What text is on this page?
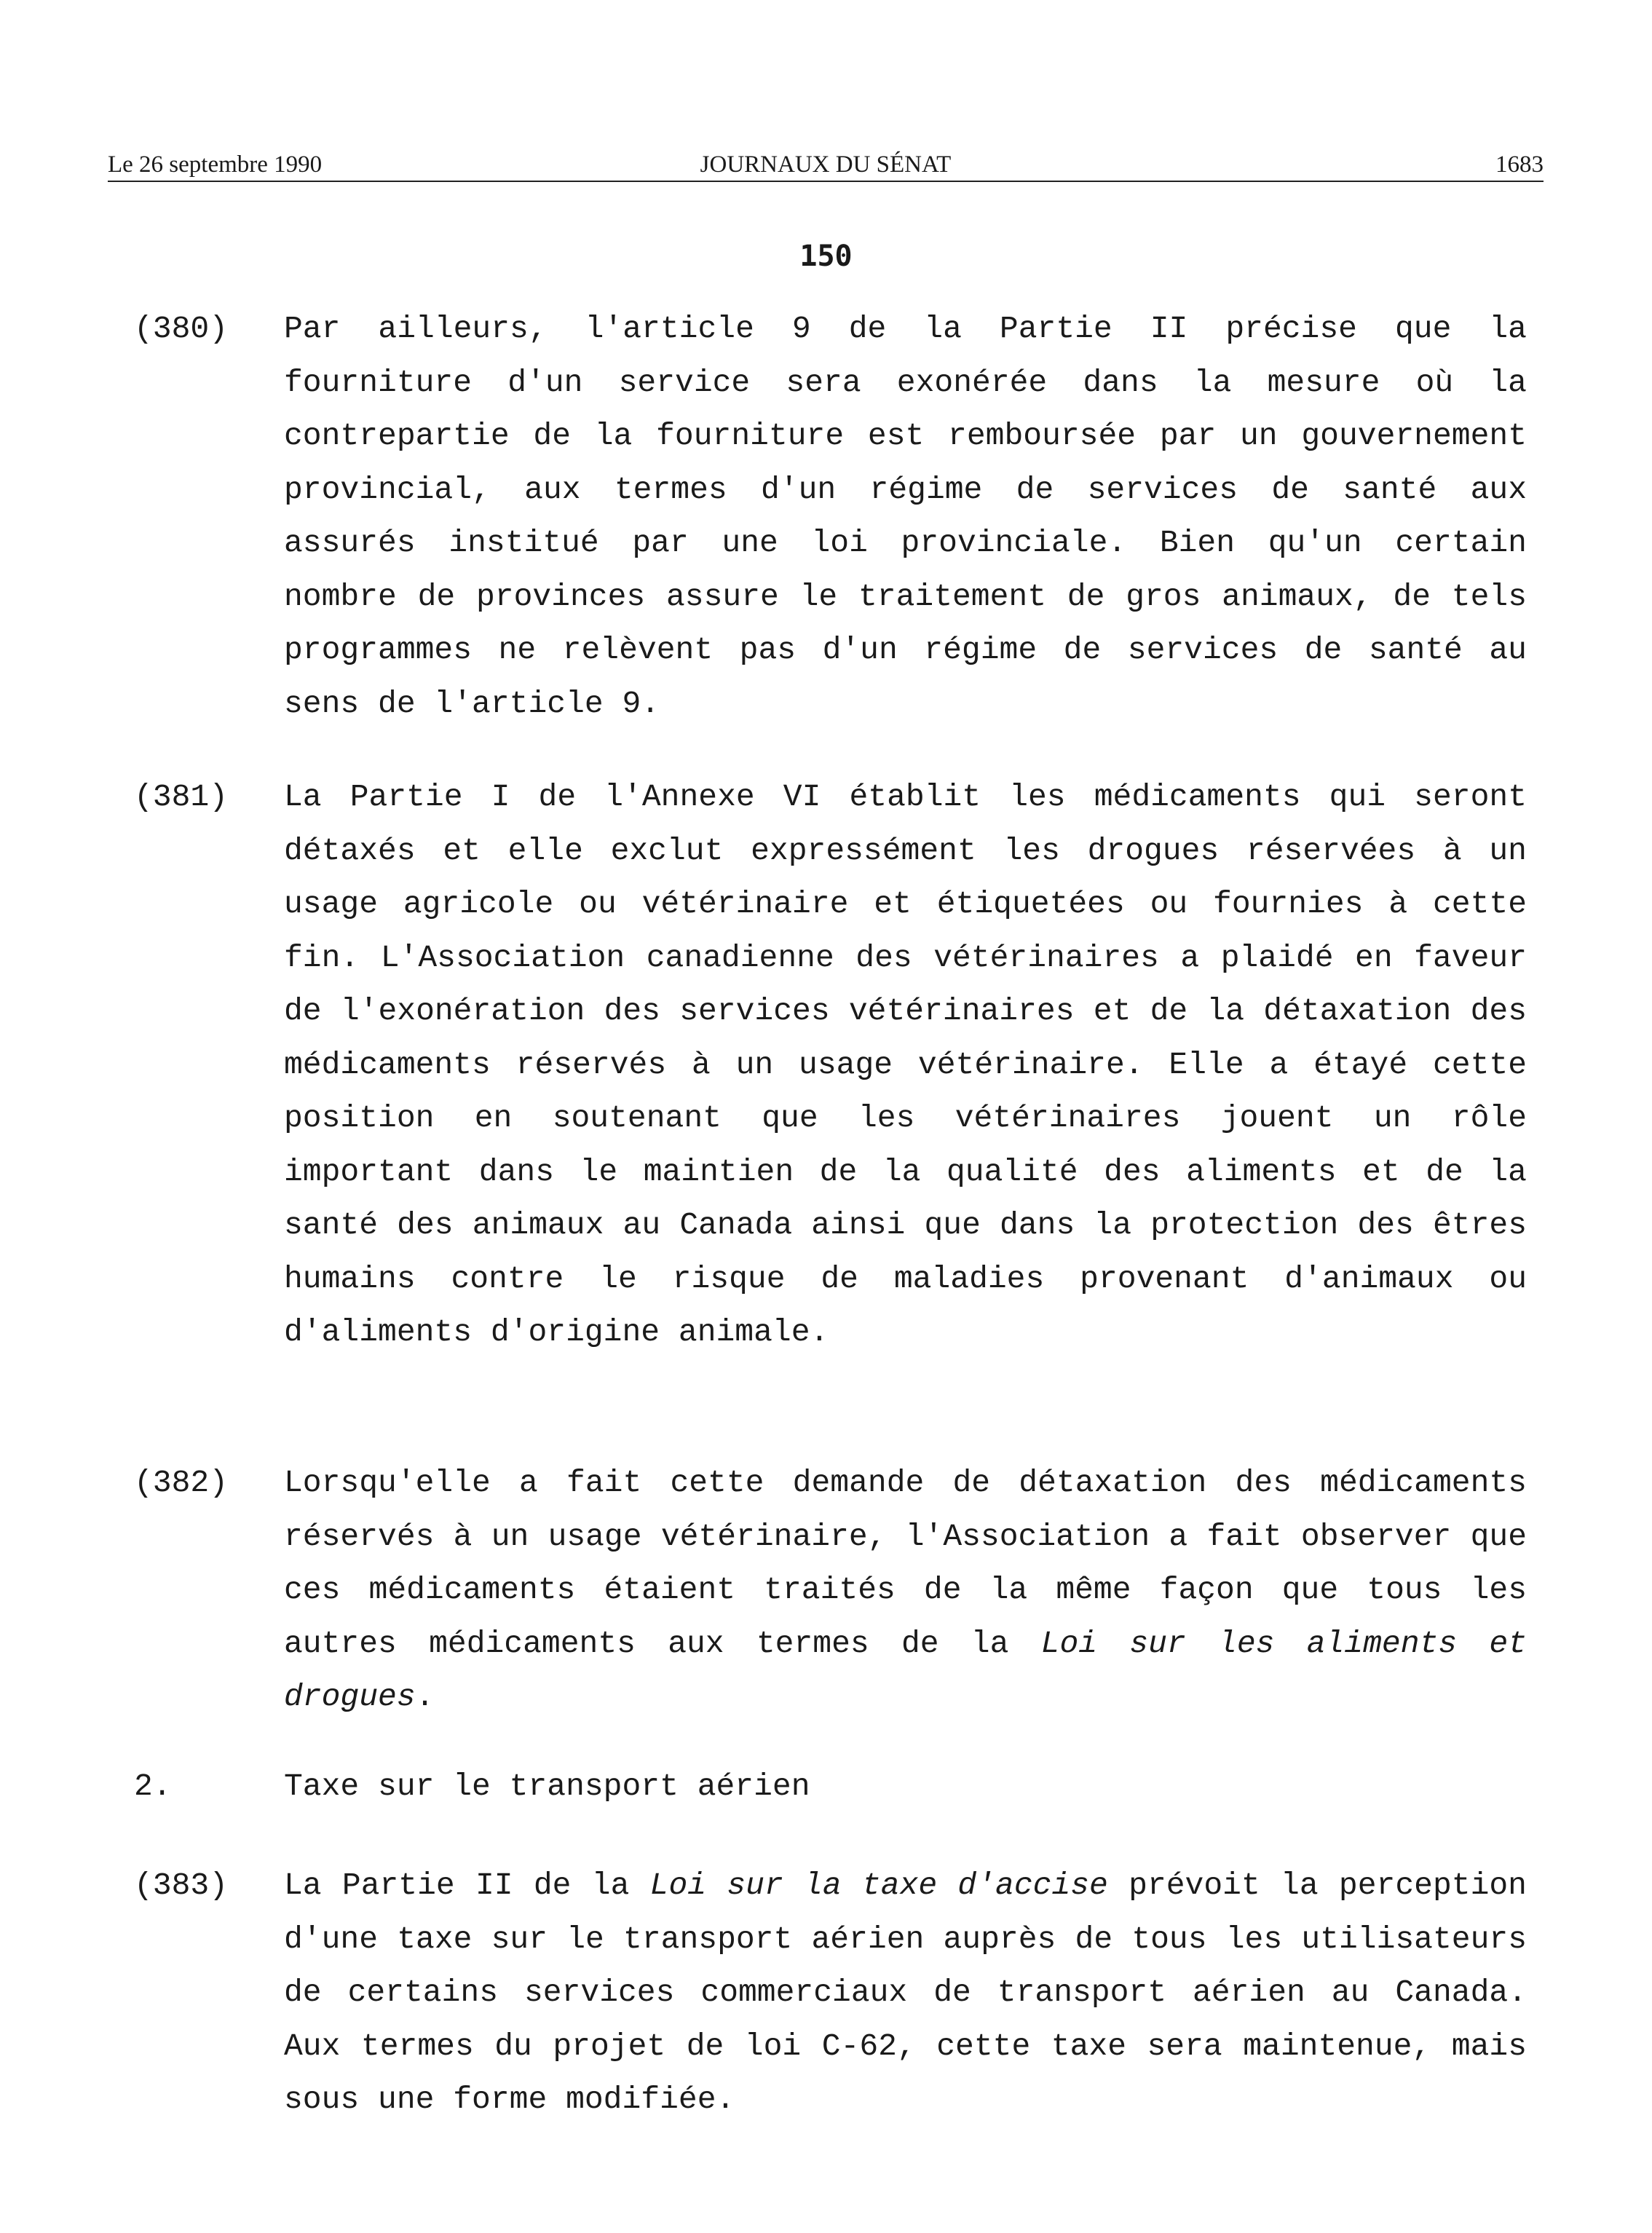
Le 26 septembre 1990	JOURNAUX DU SÉNAT	1683
150
(380)	Par ailleurs, l'article 9 de la Partie II précise que la fourniture d'un service sera exonérée dans la mesure où la contrepartie de la fourniture est remboursée par un gouvernement provincial, aux termes d'un régime de services de santé aux assurés institué par une loi provinciale. Bien qu'un certain nombre de provinces assure le traitement de gros animaux, de tels programmes ne relèvent pas d'un régime de services de santé au sens de l'article 9.
(381)	La Partie I de l'Annexe VI établit les médicaments qui seront détaxés et elle exclut expressément les drogues réservées à un usage agricole ou vétérinaire et étiquetées ou fournies à cette fin. L'Association canadienne des vétérinaires a plaidé en faveur de l'exonération des services vétérinaires et de la détaxation des médicaments réservés à un usage vétérinaire. Elle a étayé cette position en soutenant que les vétérinaires jouent un rôle important dans le maintien de la qualité des aliments et de la santé des animaux au Canada ainsi que dans la protection des êtres humains contre le risque de maladies provenant d'animaux ou d'aliments d'origine animale.
(382)	Lorsqu'elle a fait cette demande de détaxation des médicaments réservés à un usage vétérinaire, l'Association a fait observer que ces médicaments étaient traités de la même façon que tous les autres médicaments aux termes de la Loi sur les aliments et drogues.
2.	Taxe sur le transport aérien
(383)	La Partie II de la Loi sur la taxe d'accise prévoit la perception d'une taxe sur le transport aérien auprès de tous les utilisateurs de certains services commerciaux de transport aérien au Canada. Aux termes du projet de loi C-62, cette taxe sera maintenue, mais sous une forme modifiée.
